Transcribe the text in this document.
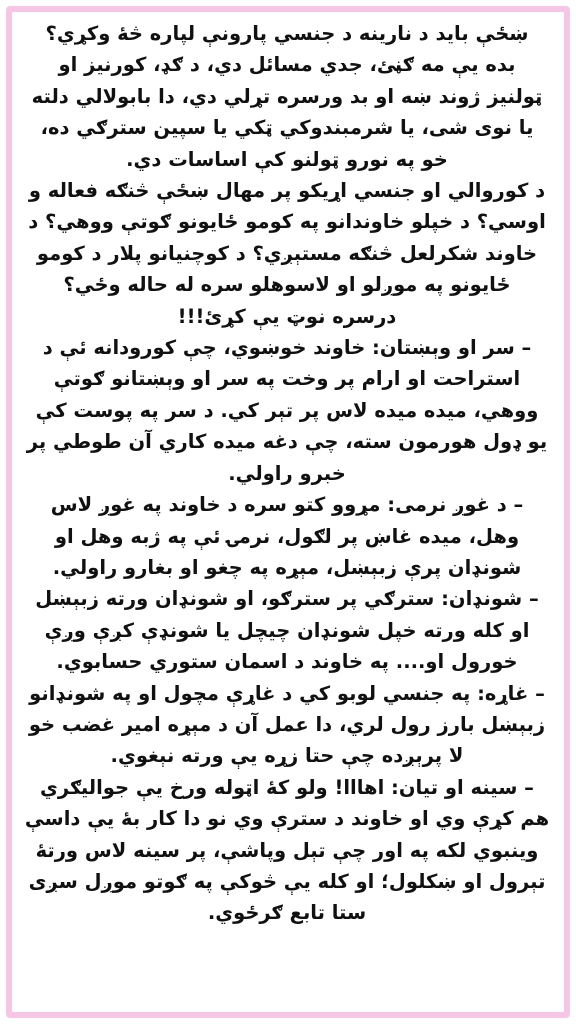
ښځې باید د نارینه د جنسي پارونې لپاره څۀ وکړي؟
بده یې مه ګڼئ، جدي مسائل دي، د ګډ، کورنیز او
ټولنیز ژوند ښه او بد ورسره تړلي دي، دا بابولالي دلته
یا نوی شی، یا شرمبندوکي ټکي یا سپین سترګي ده،
خو په نورو ټولنو کې اساسات دي.
د کوروالي او جنسي اړیکو پر مهال ښځې څنګه فعاله و
اوسي؟ د خپلو خاوندانو په کومو ځایونو ګوتې ووهي؟ د
خاوند شکرلعل څنګه مستېږي؟ د کوچنیانو پلار د کومو
ځایونو په موږلو او لاسوهلو سره له حاله وځي؟
درسره نوټ یې کړئ!!!
– سر او وېښتان: خاوند خوښوي، چې کورودانه ئې د
استراحت او ارام پر وخت په سر او وېښتانو ګوتې
ووهي، میده میده لاس پر تېر کي. د سر په پوست کې
یو ډول هورمون سته، چې دغه میده کاري آن طوطي پر
خبرو راولي.
– د غوږ نرمی: مړوو کتو سره د خاوند په غوږ لاس
وهل، میده غاښ پر لګول، نرمۍ ئې په ژبه وهل او
شونډان پرې زبېښل، مېړه په چغو او بغارو راولي.
– شونډان: سترګي پر سترګو، او شونډان ورته زبېښل
او کله ورته خپل شونډان چیچل یا شونډې کږې وږې
خورول او.... په خاوند د اسمان ستوري حسابوي.
– غاړه: په جنسي لوبو کي د غاړې مچول او په شونډانو
زبېښل بارز رول لري، دا عمل آن د مېړه امیر غضب خو
لا پرېږده چې حتا زړه یې ورته نېغوي.
– سینه او تیان: اهااا! ولو کۀ اټوله ورخ یې جوالیګري
هم کړې وي او خاوند د سترې وي نو دا کار بۀ یې داسې
وینبوي لکه په اور چې تېل وپاشې، پر سینه لاس ورتۀ
تېرول او ښکلول؛ او کله یې څوکې په ګوتو موږل سږی
ستا تابع ګرځوي.
